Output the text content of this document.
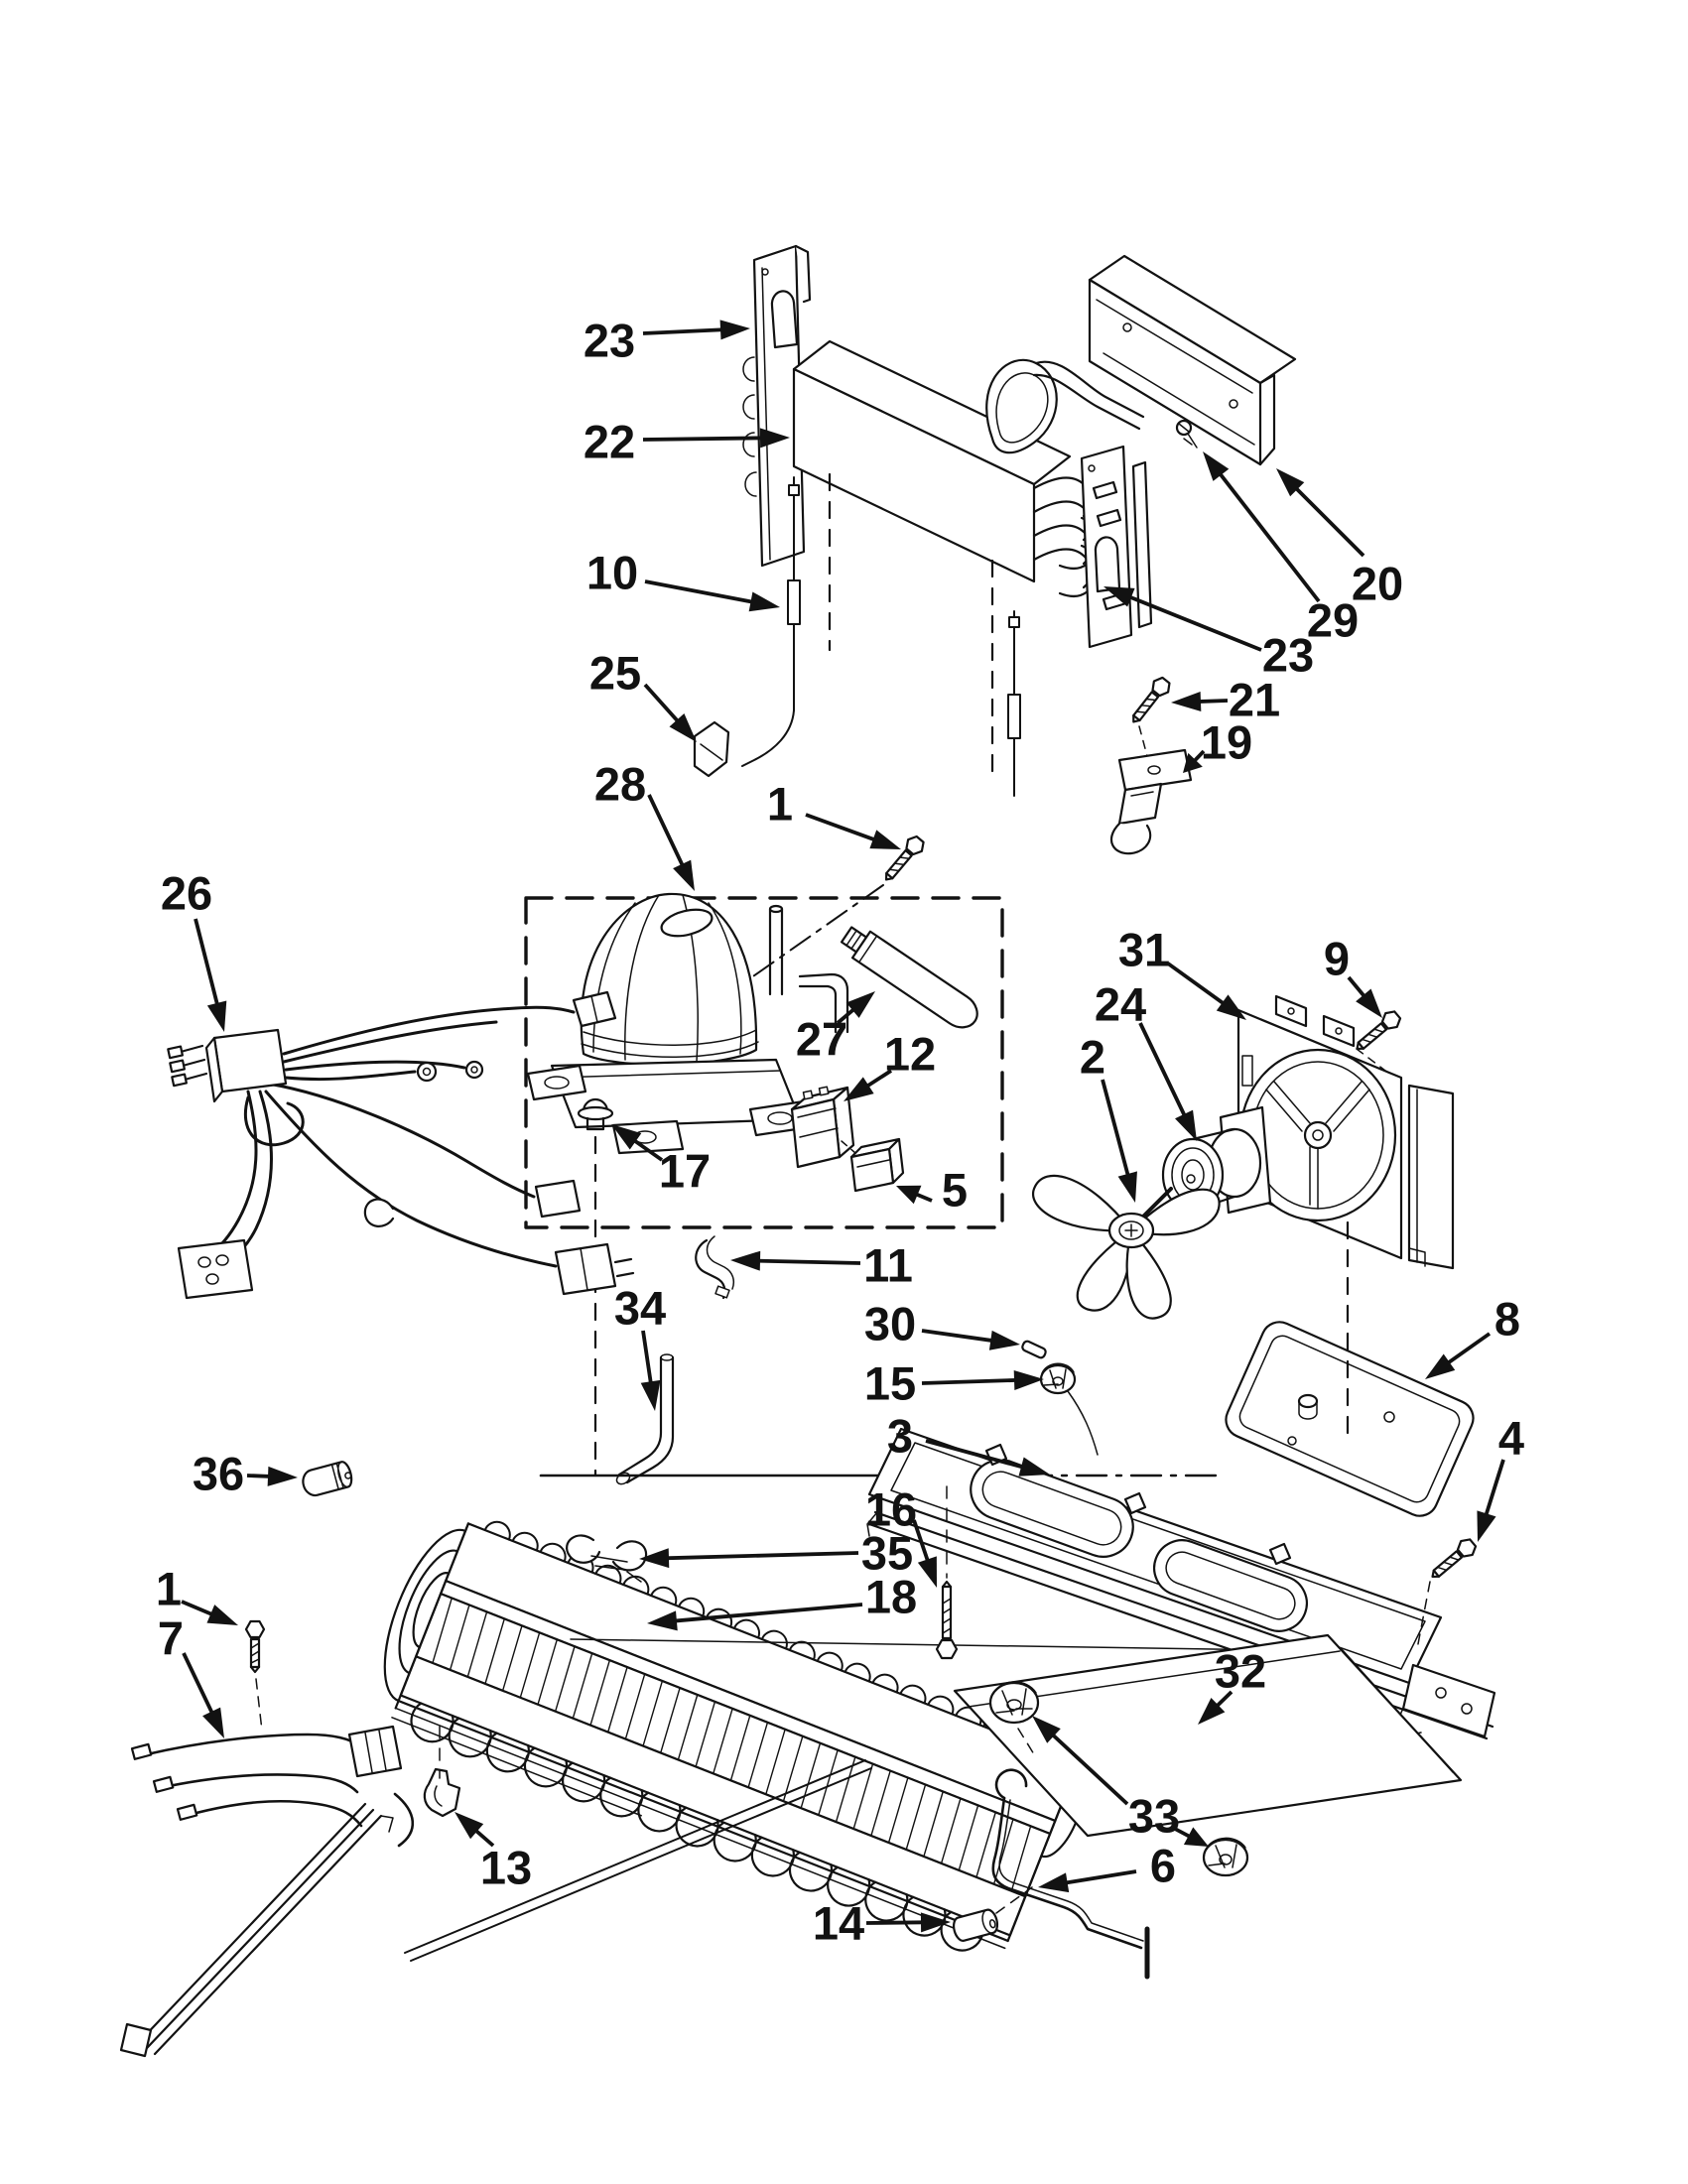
23
22
10
25
28	1
20
29
23
21
19
26
31	9
24
2
27 12
17	5
11
34	30
15
3
8
4
16
35
18
36
1
7
13
14
33
6
32
